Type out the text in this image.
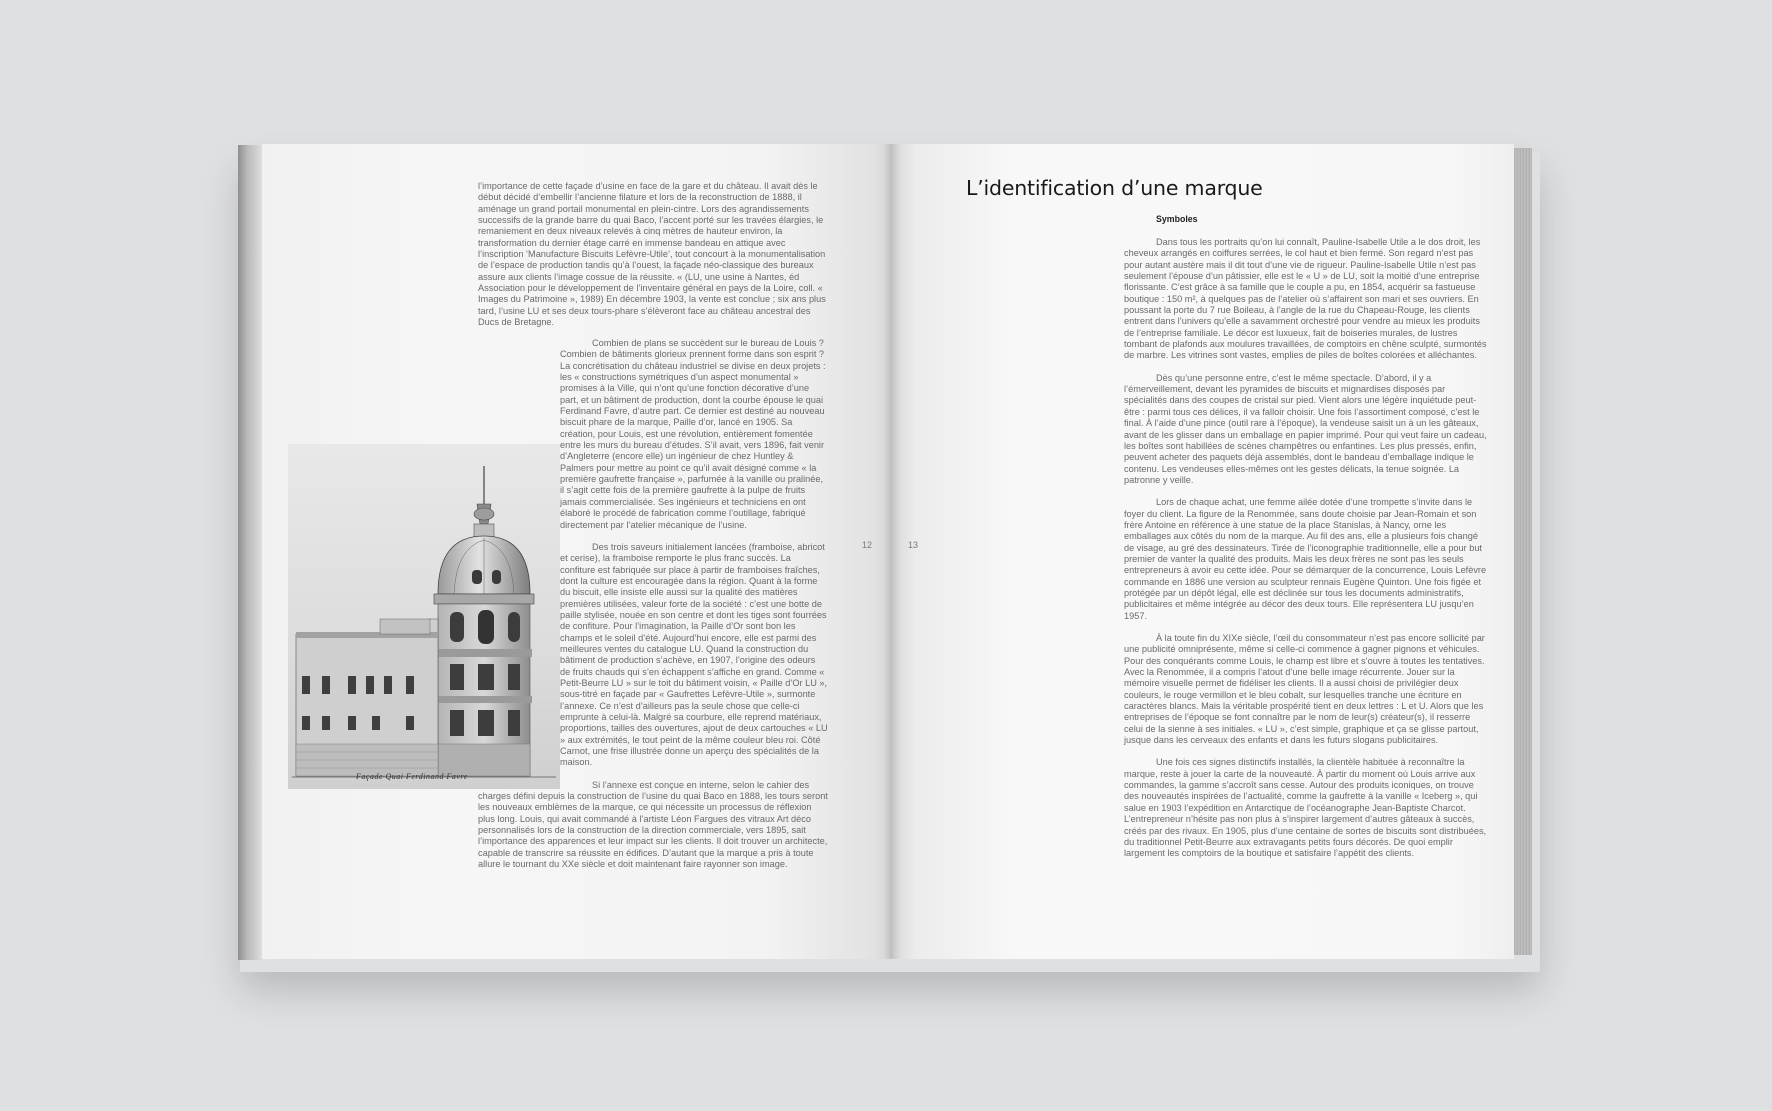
l’importance de cette façade d’usine en face de la gare et du château. Il avait dès le début décidé d’embellir l’ancienne filature et lors de la reconstruction de 1888, il aménage un grand portail monumental en plein-cintre. Lors des agrandissements successifs de la grande barre du quai Baco, l’accent porté sur les travées élargies, le remaniement en deux niveaux relevés à cinq mètres de hauteur environ, la transformation du dernier étage carré en immense bandeau en attique avec l’inscription ‘Manufacture Biscuits Lefèvre-Utile’, tout concourt à la monumentalisation de l’espace de production tandis qu’à l’ouest, la façade néo-classique des bureaux assure aux clients l’image cossue de la réussite. « (LU, une usine à Nantes, éd Association pour le développement de l’inventaire général en pays de la Loire, coll. « Images du Patrimoine », 1989) En décembre 1903, la vente est conclue ; six ans plus tard, l’usine LU et ses deux tours-phare s’élèveront face au château ancestral des Ducs de Bretagne.

Combien de plans se succèdent sur le bureau de Louis ? Combien de bâtiments glorieux prennent forme dans son esprit ? La concrétisation du château industriel se divise en deux projets : les « constructions symétriques d’un aspect monumental » promises à la Ville, qui n’ont qu’une fonction décorative d’une part, et un bâtiment de production, dont la courbe épouse le quai Ferdinand Favre, d’autre part. Ce dernier est destiné au nouveau biscuit phare de la marque, Paille d’or, lancé en 1905. Sa création, pour Louis, est une révolution, entièrement fomentée entre les murs du bureau d’études. S’il avait, vers 1896, fait venir d’Angleterre (encore elle) un ingénieur de chez Huntley & Palmers pour mettre au point ce qu’il avait désigné comme « la première gaufrette française », parfumée à la vanille ou pralinée, il s’agit cette fois de la première gaufrette à la pulpe de fruits jamais commercialisée. Ses ingénieurs et techniciens en ont élaboré le procédé de fabrication comme l’outillage, fabriqué directement par l’atelier mécanique de l’usine.

Des trois saveurs initialement lancées (framboise, abricot et cerise), la framboise remporte le plus franc succès. La confiture est fabriquée sur place à partir de framboises fraîches, dont la culture est encouragée dans la région. Quant à la forme du biscuit, elle insiste elle aussi sur la qualité des matières premières utilisées, valeur forte de la société : c’est une botte de paille stylisée, nouée en son centre et dont les tiges sont fourrées de confiture. Pour l’imagination, la Paille d’Or sont bon les champs et le soleil d’été. Aujourd’hui encore, elle est parmi des meilleures ventes du catalogue LU. Quand la construction du bâtiment de production s’achève, en 1907, l’origine des odeurs de fruits chauds qui s’en échappent s’affiche en grand. Comme « Petit-Beurre LU » sur le toit du bâtiment voisin, « Paille d’Or LU », sous-titré en façade par « Gaufrettes Lefèvre-Utile », surmonte l’annexe. Ce n’est d’ailleurs pas la seule chose que celle-ci emprunte à celui-là. Malgré sa courbure, elle reprend matériaux, proportions, tailles des ouvertures, ajout de deux cartouches « LU » aux extrémités, le tout peint de la même couleur bleu roi. Côté Carnot, une frise illustrée donne un aperçu des spécialités de la maison.

Si l’annexe est conçue en interne, selon le cahier des charges défini depuis la construction de l’usine du quai Baco en 1888, les tours seront les nouveaux emblèmes de la marque, ce qui nécessite un processus de réflexion plus long. Louis, qui avait commandé à l’artiste Léon Fargues des vitraux Art déco personnalisés lors de la construction de la direction commerciale, vers 1895, sait l’importance des apparences et leur impact sur les clients. Il doit trouver un architecte, capable de transcrire sa réussite en édifices. D’autant que la marque a pris à toute allure le tournant du XXe siècle et doit maintenant faire rayonner son image.

Façade Quai Ferdinand Favre
12	13
L’identification d’une marque
Symboles

Dans tous les portraits qu’on lui connaît, Pauline-Isabelle Utile a le dos droit, les cheveux arrangés en coiffures serrées, le col haut et bien fermé. Son regard n’est pas pour autant austère mais il dit tout d’une vie de rigueur. Pauline-Isabelle Utile n’est pas seulement l’épouse d’un pâtissier, elle est le « U » de LU, soit la moitié d’une entreprise florissante. C’est grâce à sa famille que le couple a pu, en 1854, acquérir sa fastueuse boutique : 150 m², à quelques pas de l’atelier où s’affairent son mari et ses ouvriers. En poussant la porte du 7 rue Boileau, à l’angle de la rue du Chapeau-Rouge, les clients entrent dans l’univers qu’elle a savamment orchestré pour vendre au mieux les produits de l’entreprise familiale. Le décor est luxueux, fait de boiseries murales, de lustres tombant de plafonds aux moulures travaillées, de comptoirs en chêne sculpté, surmontés de marbre. Les vitrines sont vastes, emplies de piles de boîtes colorées et alléchantes.

Dès qu’une personne entre, c’est le même spectacle. D’abord, il y a l’émerveillement, devant les pyramides de biscuits et mignardises disposés par spécialités dans des coupes de cristal sur pied. Vient alors une légère inquiétude peut-être : parmi tous ces délices, il va falloir choisir. Une fois l’assortiment composé, c’est le final. À l’aide d’une pince (outil rare à l’époque), la vendeuse saisit un à un les gâteaux, avant de les glisser dans un emballage en papier imprimé. Pour qui veut faire un cadeau, les boîtes sont habillées de scènes champêtres ou enfantines. Les plus pressés, enfin, peuvent acheter des paquets déjà assemblés, dont le bandeau d’emballage indique le contenu. Les vendeuses elles-mêmes ont les gestes délicats, la tenue soignée. La patronne y veille.

Lors de chaque achat, une femme ailée dotée d’une trompette s’invite dans le foyer du client. La figure de la Renommée, sans doute choisie par Jean-Romain et son frère Antoine en référence à une statue de la place Stanislas, à Nancy, orne les emballages aux côtés du nom de la marque. Au fil des ans, elle a plusieurs fois changé de visage, au gré des dessinateurs. Tirée de l’iconographie traditionnelle, elle a pour but premier de vanter la qualité des produits. Mais les deux frères ne sont pas les seuls entrepreneurs à avoir eu cette idée. Pour se démarquer de la concurrence, Louis Lefèvre commande en 1886 une version au sculpteur rennais Eugène Quinton. Une fois figée et protégée par un dépôt légal, elle est déclinée sur tous les documents administratifs, publicitaires et même intégrée au décor des deux tours. Elle représentera LU jusqu’en 1957.

À la toute fin du XIXe siècle, l’œil du consommateur n’est pas encore sollicité par une publicité omniprésente, même si celle-ci commence à gagner pignons et véhicules. Pour des conquérants comme Louis, le champ est libre et s’ouvre à toutes les tentatives. Avec la Renommée, il a compris l’atout d’une belle image récurrente. Jouer sur la mémoire visuelle permet de fidéliser les clients. Il a aussi choisi de privilégier deux couleurs, le rouge vermillon et le bleu cobalt, sur lesquelles tranche une écriture en caractères blancs. Mais la véritable prospérité tient en deux lettres : L et U. Alors que les entreprises de l’époque se font connaître par le nom de leur(s) créateur(s), il resserre celui de la sienne à ses initiales. « LU », c’est simple, graphique et ça se glisse partout, jusque dans les cerveaux des enfants et dans les futurs slogans publicitaires.

Une fois ces signes distinctifs installés, la clientèle habituée à reconnaître la marque, reste à jouer la carte de la nouveauté. À partir du moment où Louis arrive aux commandes, la gamme s’accroît sans cesse. Autour des produits iconiques, on trouve des nouveautés inspirées de l’actualité, comme la gaufrette à la vanille « Iceberg », qui salue en 1903 l’expédition en Antarctique de l’océanographe Jean-Baptiste Charcot. L’entrepreneur n’hésite pas non plus à s’inspirer largement d’autres gâteaux à succès, créés par des rivaux. En 1905, plus d’une centaine de sortes de biscuits sont distribuées, du traditionnel Petit-Beurre aux extravagants petits fours décorés. De quoi emplir largement les comptoirs de la boutique et satisfaire l’appétit des clients.
